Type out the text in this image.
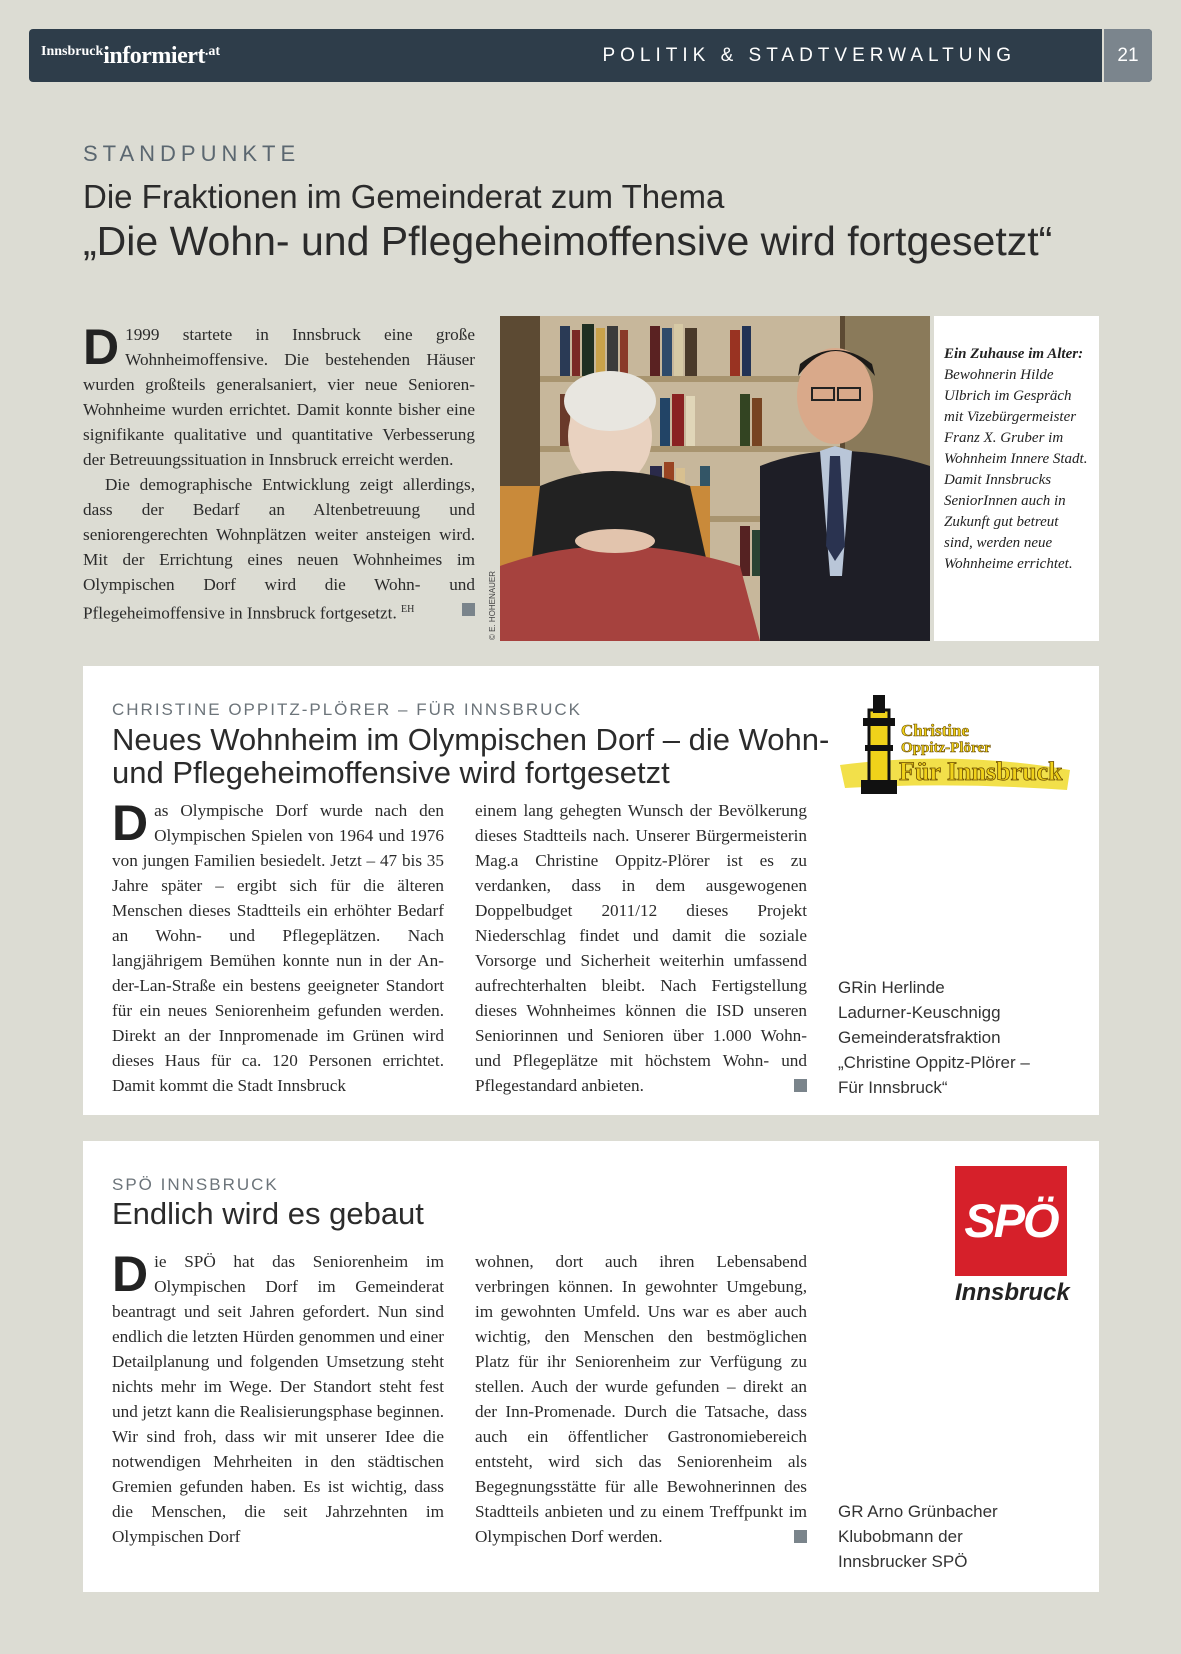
Innsbruckinformiert.at	POLITIK & STADTVERWALTUNG	21
STANDPUNKTE
Die Fraktionen im Gemeinderat zum Thema
„Die Wohn- und Pflegeheimoffensive wird fortgesetzt“

D 1999 startete in Innsbruck eine große Wohnheimoffensive. Die bestehenden Häuser wurden großteils generalsaniert, vier neue Senioren-Wohnheime wurden errichtet. Damit konnte bisher eine signifikante qualitative und quantitative Verbesserung der Betreuungssituation in Innsbruck erreicht werden.

Die demographische Entwicklung zeigt allerdings, dass der Bedarf an Altenbetreuung und seniorengerechten Wohnplätzen weiter ansteigen wird. Mit der Errichtung eines neuen Wohnheimes im Olympischen Dorf wird die Wohn- und Pflegeheimoffensive in Innsbruck fortgesetzt. $^{EH}$	© E. HOHENAUER
Ein Zuhause im Alter: Bewohnerin Hilde Ulbrich im Gespräch mit Vizebürgermeister Franz X. Gruber im Wohnheim Innere Stadt. Damit Innsbrucks SeniorInnen auch in Zukunft gut betreut sind, werden neue Wohnheime errichtet.
CHRISTINE OPPITZ-PLÖRER – FÜR INNSBRUCK
Neues Wohnheim im Olympischen Dorf – die Wohn- und Pflegeheimoffensive wird fortgesetzt
Das Olympische Dorf wurde nach den Olympischen Spielen von 1964 und 1976 von jungen Familien besiedelt. Jetzt – 47 bis 35 Jahre später – ergibt sich für die älteren Menschen dieses Stadtteils ein erhöhter Bedarf an Wohn- und Pflegeplätzen. Nach langjährigem Bemühen konnte nun in der An-der-Lan-Straße ein bestens geeigneter Standort für ein neues Seniorenheim gefunden werden. Direkt an der Innpromenade im Grünen wird dieses Haus für ca. 120 Personen errichtet. Damit kommt die Stadt Innsbruck
einem lang gehegten Wunsch der Bevölkerung dieses Stadtteils nach. Unserer Bürgermeisterin Mag.a Christine Oppitz-Plörer ist es zu verdanken, dass in dem ausgewogenen Doppelbudget 2011/12 dieses Projekt Niederschlag findet und damit die soziale Vorsorge und Sicherheit weiterhin umfassend aufrechterhalten bleibt. Nach Fertigstellung dieses Wohnheimes können die ISD unseren Seniorinnen und Senioren über 1.000 Wohn- und Pflegeplätze mit höchstem Wohn- und Pflegestandard anbieten.
Christine
Oppitz-Plörer
Für Innsbruck
GRin Herlinde
Ladurner-Keuschnigg
Gemeinderatsfraktion
„Christine Oppitz-Plörer –
Für Innsbruck“
SPÖ INNSBRUCK
Endlich wird es gebaut
Die SPÖ hat das Seniorenheim im Olympischen Dorf im Gemeinderat beantragt und seit Jahren gefordert. Nun sind endlich die letzten Hürden genommen und einer Detailplanung und folgenden Umsetzung steht nichts mehr im Wege. Der Standort steht fest und jetzt kann die Realisierungsphase beginnen. Wir sind froh, dass wir mit unserer Idee die notwendigen Mehrheiten in den städtischen Gremien gefunden haben. Es ist wichtig, dass die Menschen, die seit Jahrzehnten im Olympischen Dorf
wohnen, dort auch ihren Lebensabend verbringen können. In gewohnter Umgebung, im gewohnten Umfeld. Uns war es aber auch wichtig, den Menschen den bestmöglichen Platz für ihr Seniorenheim zur Verfügung zu stellen. Auch der wurde gefunden – direkt an der Inn-Promenade. Durch die Tatsache, dass auch ein öffentlicher Gastronomiebereich entsteht, wird sich das Seniorenheim als Begegnungsstätte für alle Bewohnerinnen des Stadtteils anbieten und zu einem Treffpunkt im Olympischen Dorf werden.
SPÖ
Innsbruck
GR Arno Grünbacher
Klubobmann der
Innsbrucker SPÖ
